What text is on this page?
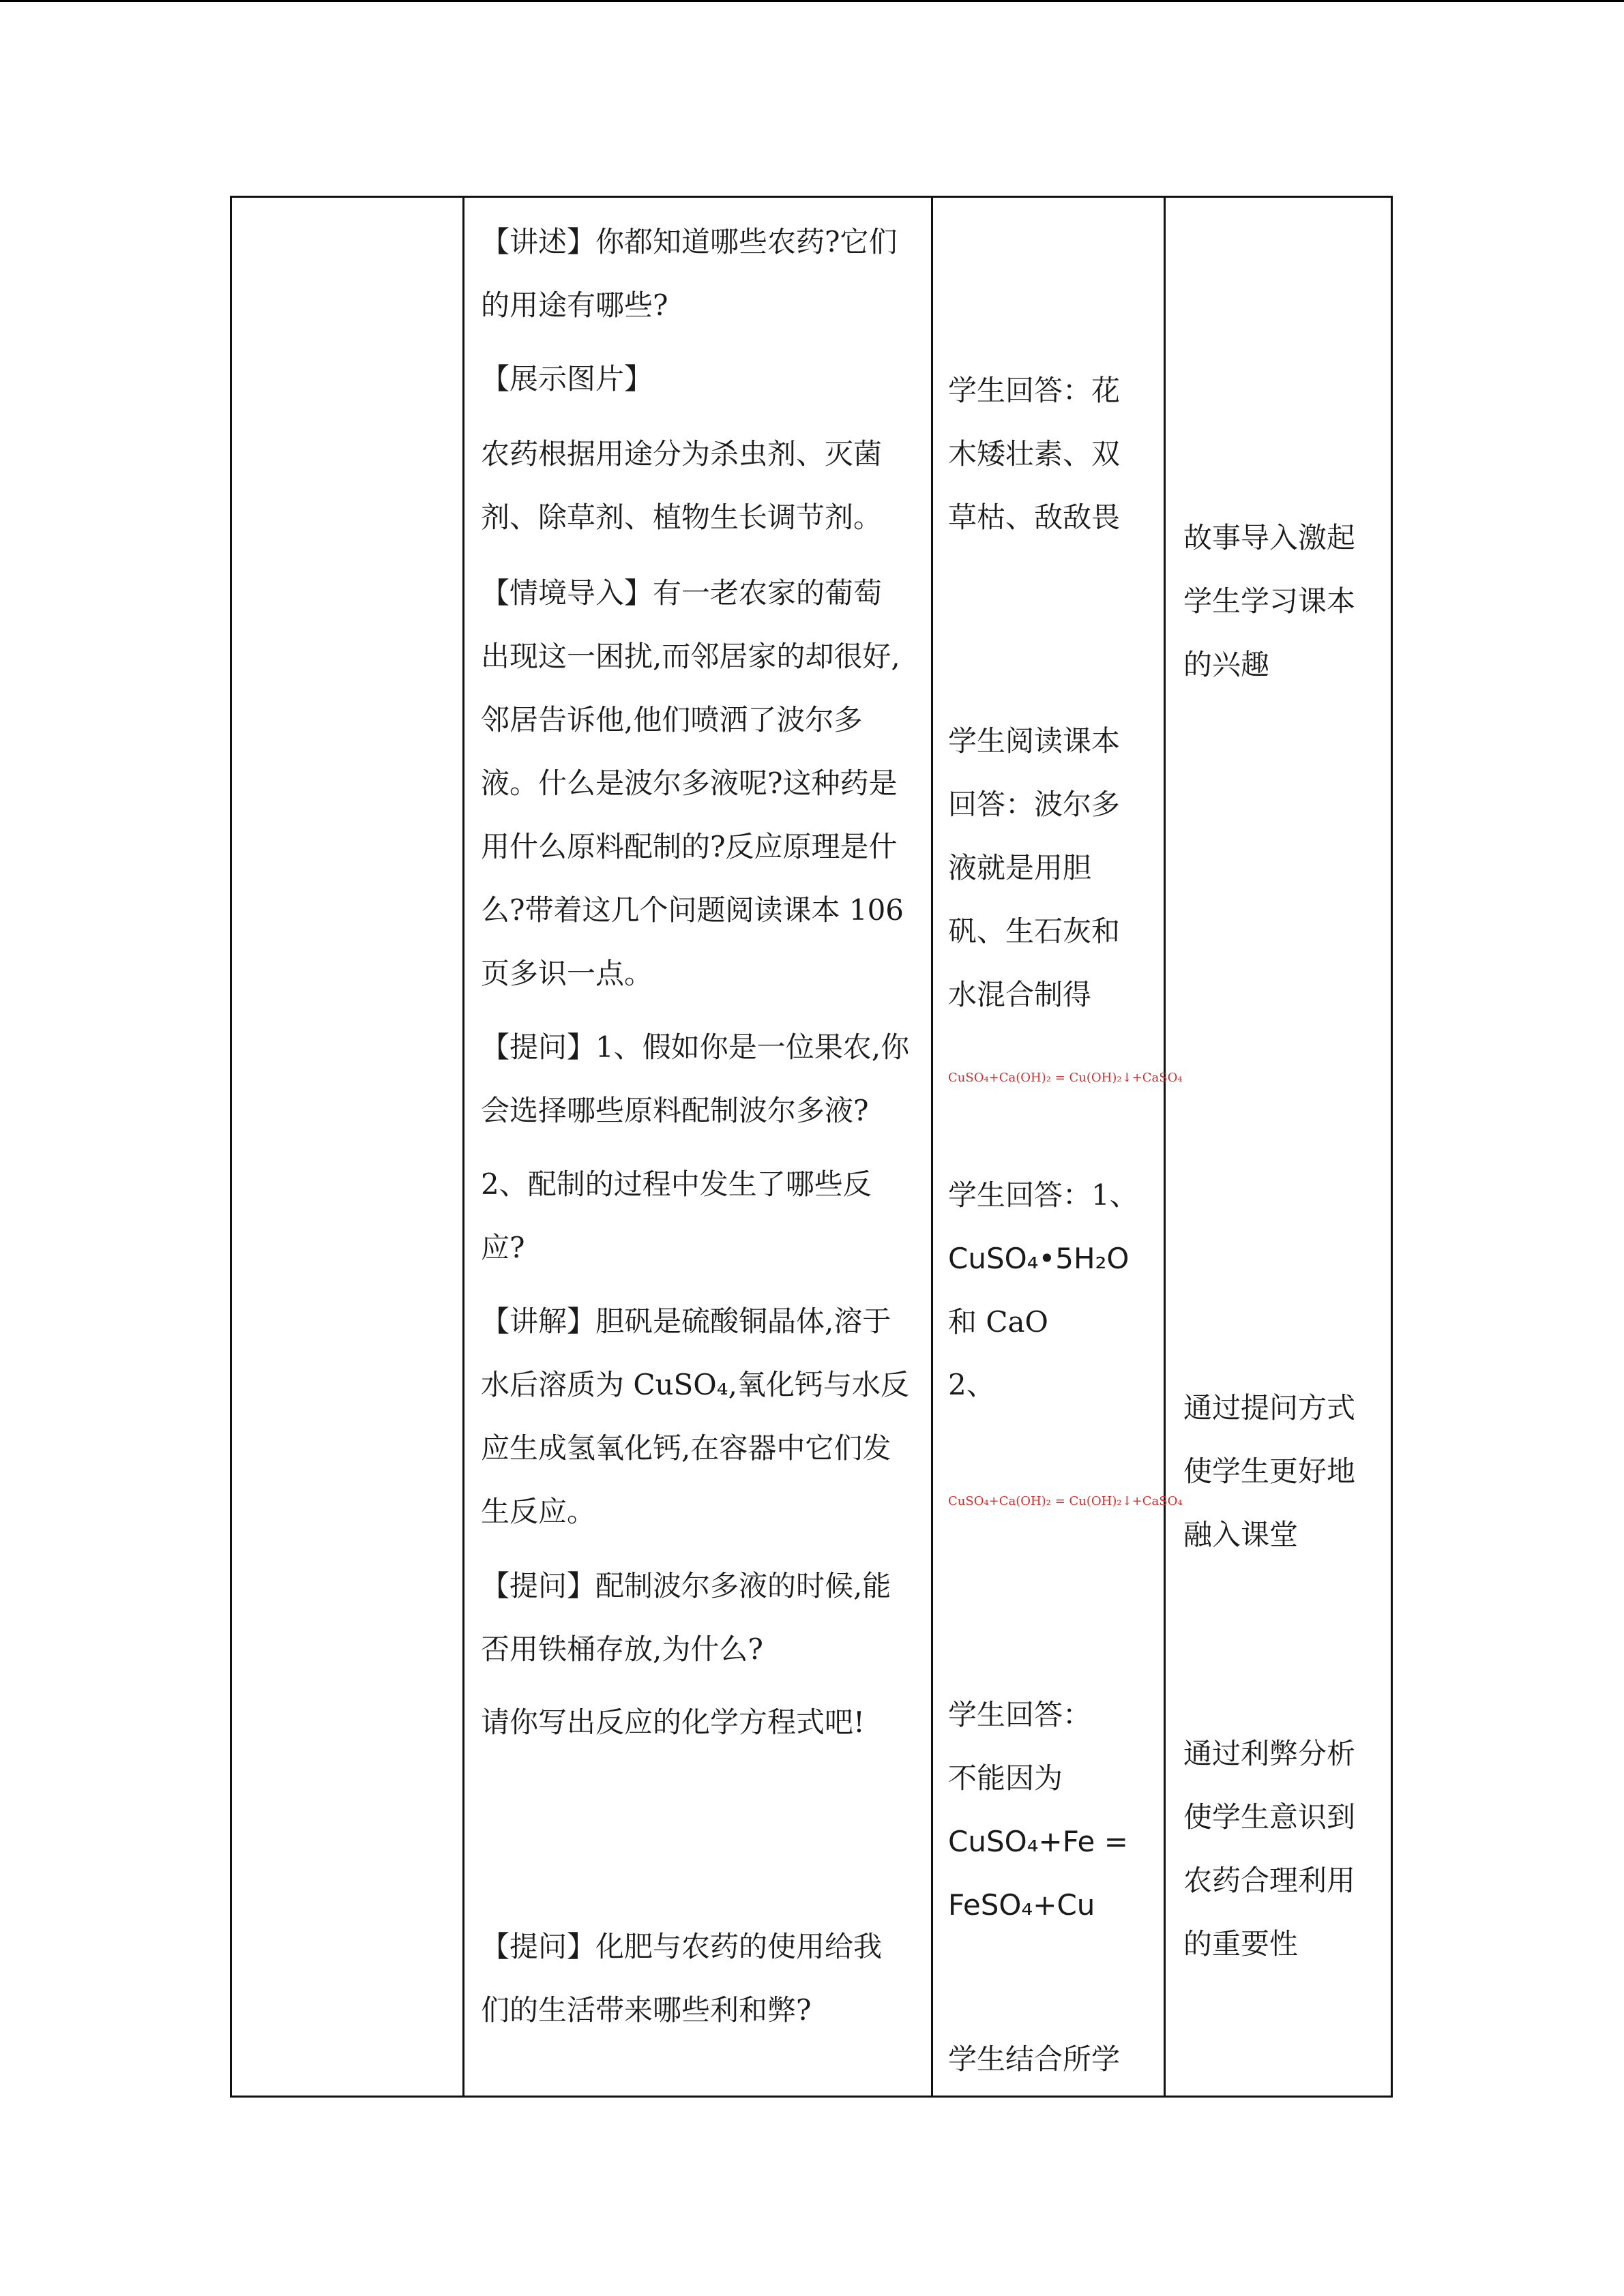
【讲述】你都知道哪些农药?它们

的用途有哪些?

【展示图片】

农药根据用途分为杀虫剂、灭菌

剂、除草剂、植物生长调节剂。

【情境导入】有一老农家的葡萄

出现这一困扰,而邻居家的却很好,

邻居告诉他,他们喷洒了波尔多

液。什么是波尔多液呢?这种药是

用什么原料配制的?反应原理是什

么?带着这几个问题阅读课本 106

页多识一点。

【提问】1、假如你是一位果农,你

会选择哪些原料配制波尔多液?

2、配制的过程中发生了哪些反

应?

【讲解】胆矾是硫酸铜晶体,溶于

水后溶质为 CuSO₄,氧化钙与水反

应生成氢氧化钙,在容器中它们发

生反应。

【提问】配制波尔多液的时候,能

否用铁桶存放,为什么?

请你写出反应的化学方程式吧!

【提问】化肥与农药的使用给我

们的生活带来哪些利和弊?

学生回答：花

木矮壮素、双

草枯、敌敌畏

学生阅读课本

回答：波尔多

液就是用胆

矾、生石灰和

水混合制得

CuSO₄+Ca(OH)₂ = Cu(OH)₂↓+CaSO₄

学生回答：1、

CuSO₄•5H₂O

和 CaO

2、

CuSO₄+Ca(OH)₂ = Cu(OH)₂↓+CaSO₄

学生回答：

不能因为

CuSO₄+Fe =

FeSO₄+Cu

学生结合所学

故事导入激起

学生学习课本

的兴趣

通过提问方式

使学生更好地

融入课堂

通过利弊分析

使学生意识到

农药合理利用

的重要性
